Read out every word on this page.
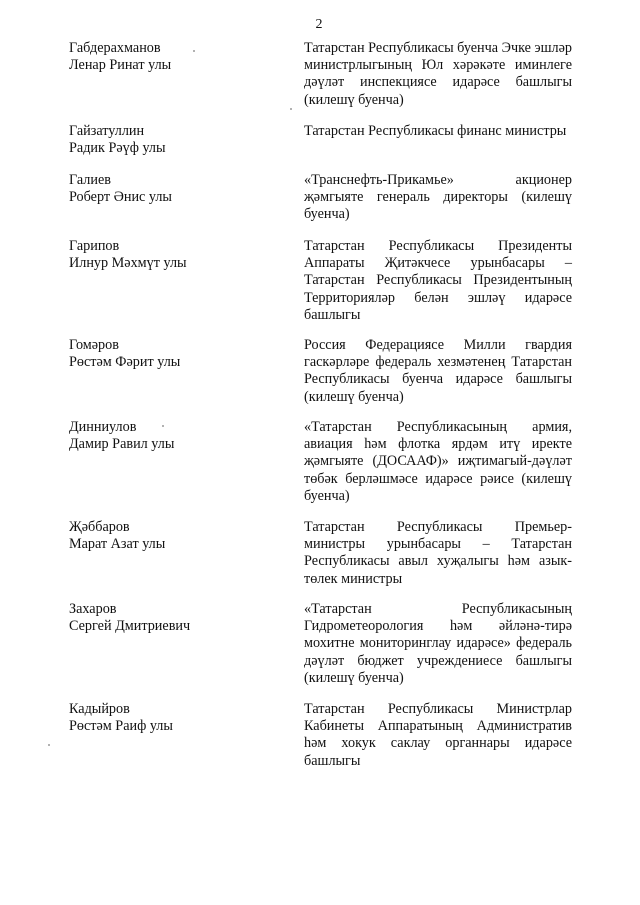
2
Габдерахманов
Ленар Ринат улы
Татарстан Республикасы буенча Эчке эшләр министрлыгының Юл хәрәкәте иминлеге дәүләт инспекциясе идарәсе башлыгы (килешү буенча)
Гайзатуллин
Радик Рәүф улы
Татарстан Республикасы финанс министры
Галиев
Роберт Әнис улы
«Транснефть-Прикамье» акционер җәмгыяте генераль директоры (килешү буенча)
Гарипов
Илнур Мәхмүт улы
Татарстан Республикасы Президенты Аппараты Җитәкчесе урынбасары – Татарстан Республикасы Президентының Территорияләр белән эшләү идарәсе башлыгы
Гомәров
Рөстәм Фәрит улы
Россия Федерациясе Милли гвардия гаскәрләре федераль хезмәтенең Татарстан Республикасы буенча идарәсе башлыгы (килешү буенча)
Динниулов
Дамир Равил улы
«Татарстан Республикасының армия, авиация һәм флотка ярдәм итү иректе җәмгыяте (ДОСААФ)» иҗтимагый-дәүләт төбәк берләшмәсе идарәсе рәисе (килешү буенча)
Җәббаров
Марат Азат улы
Татарстан Республикасы Премьер-министры урынбасары – Татарстан Республикасы авыл хуҗалыгы һәм азык-төлек министры
Захаров
Сергей Дмитриевич
«Татарстан Республикасының Гидрометеорология һәм әйләнә-тирә мохитне мониторинглау идарәсе» федераль дәүләт бюджет учреждениесе башлыгы (килешү буенча)
Кадыйров
Рөстәм Раиф улы
Татарстан Республикасы Министрлар Кабинеты Аппаратының Административ һәм хокук саклау органнары идарәсе башлыгы
